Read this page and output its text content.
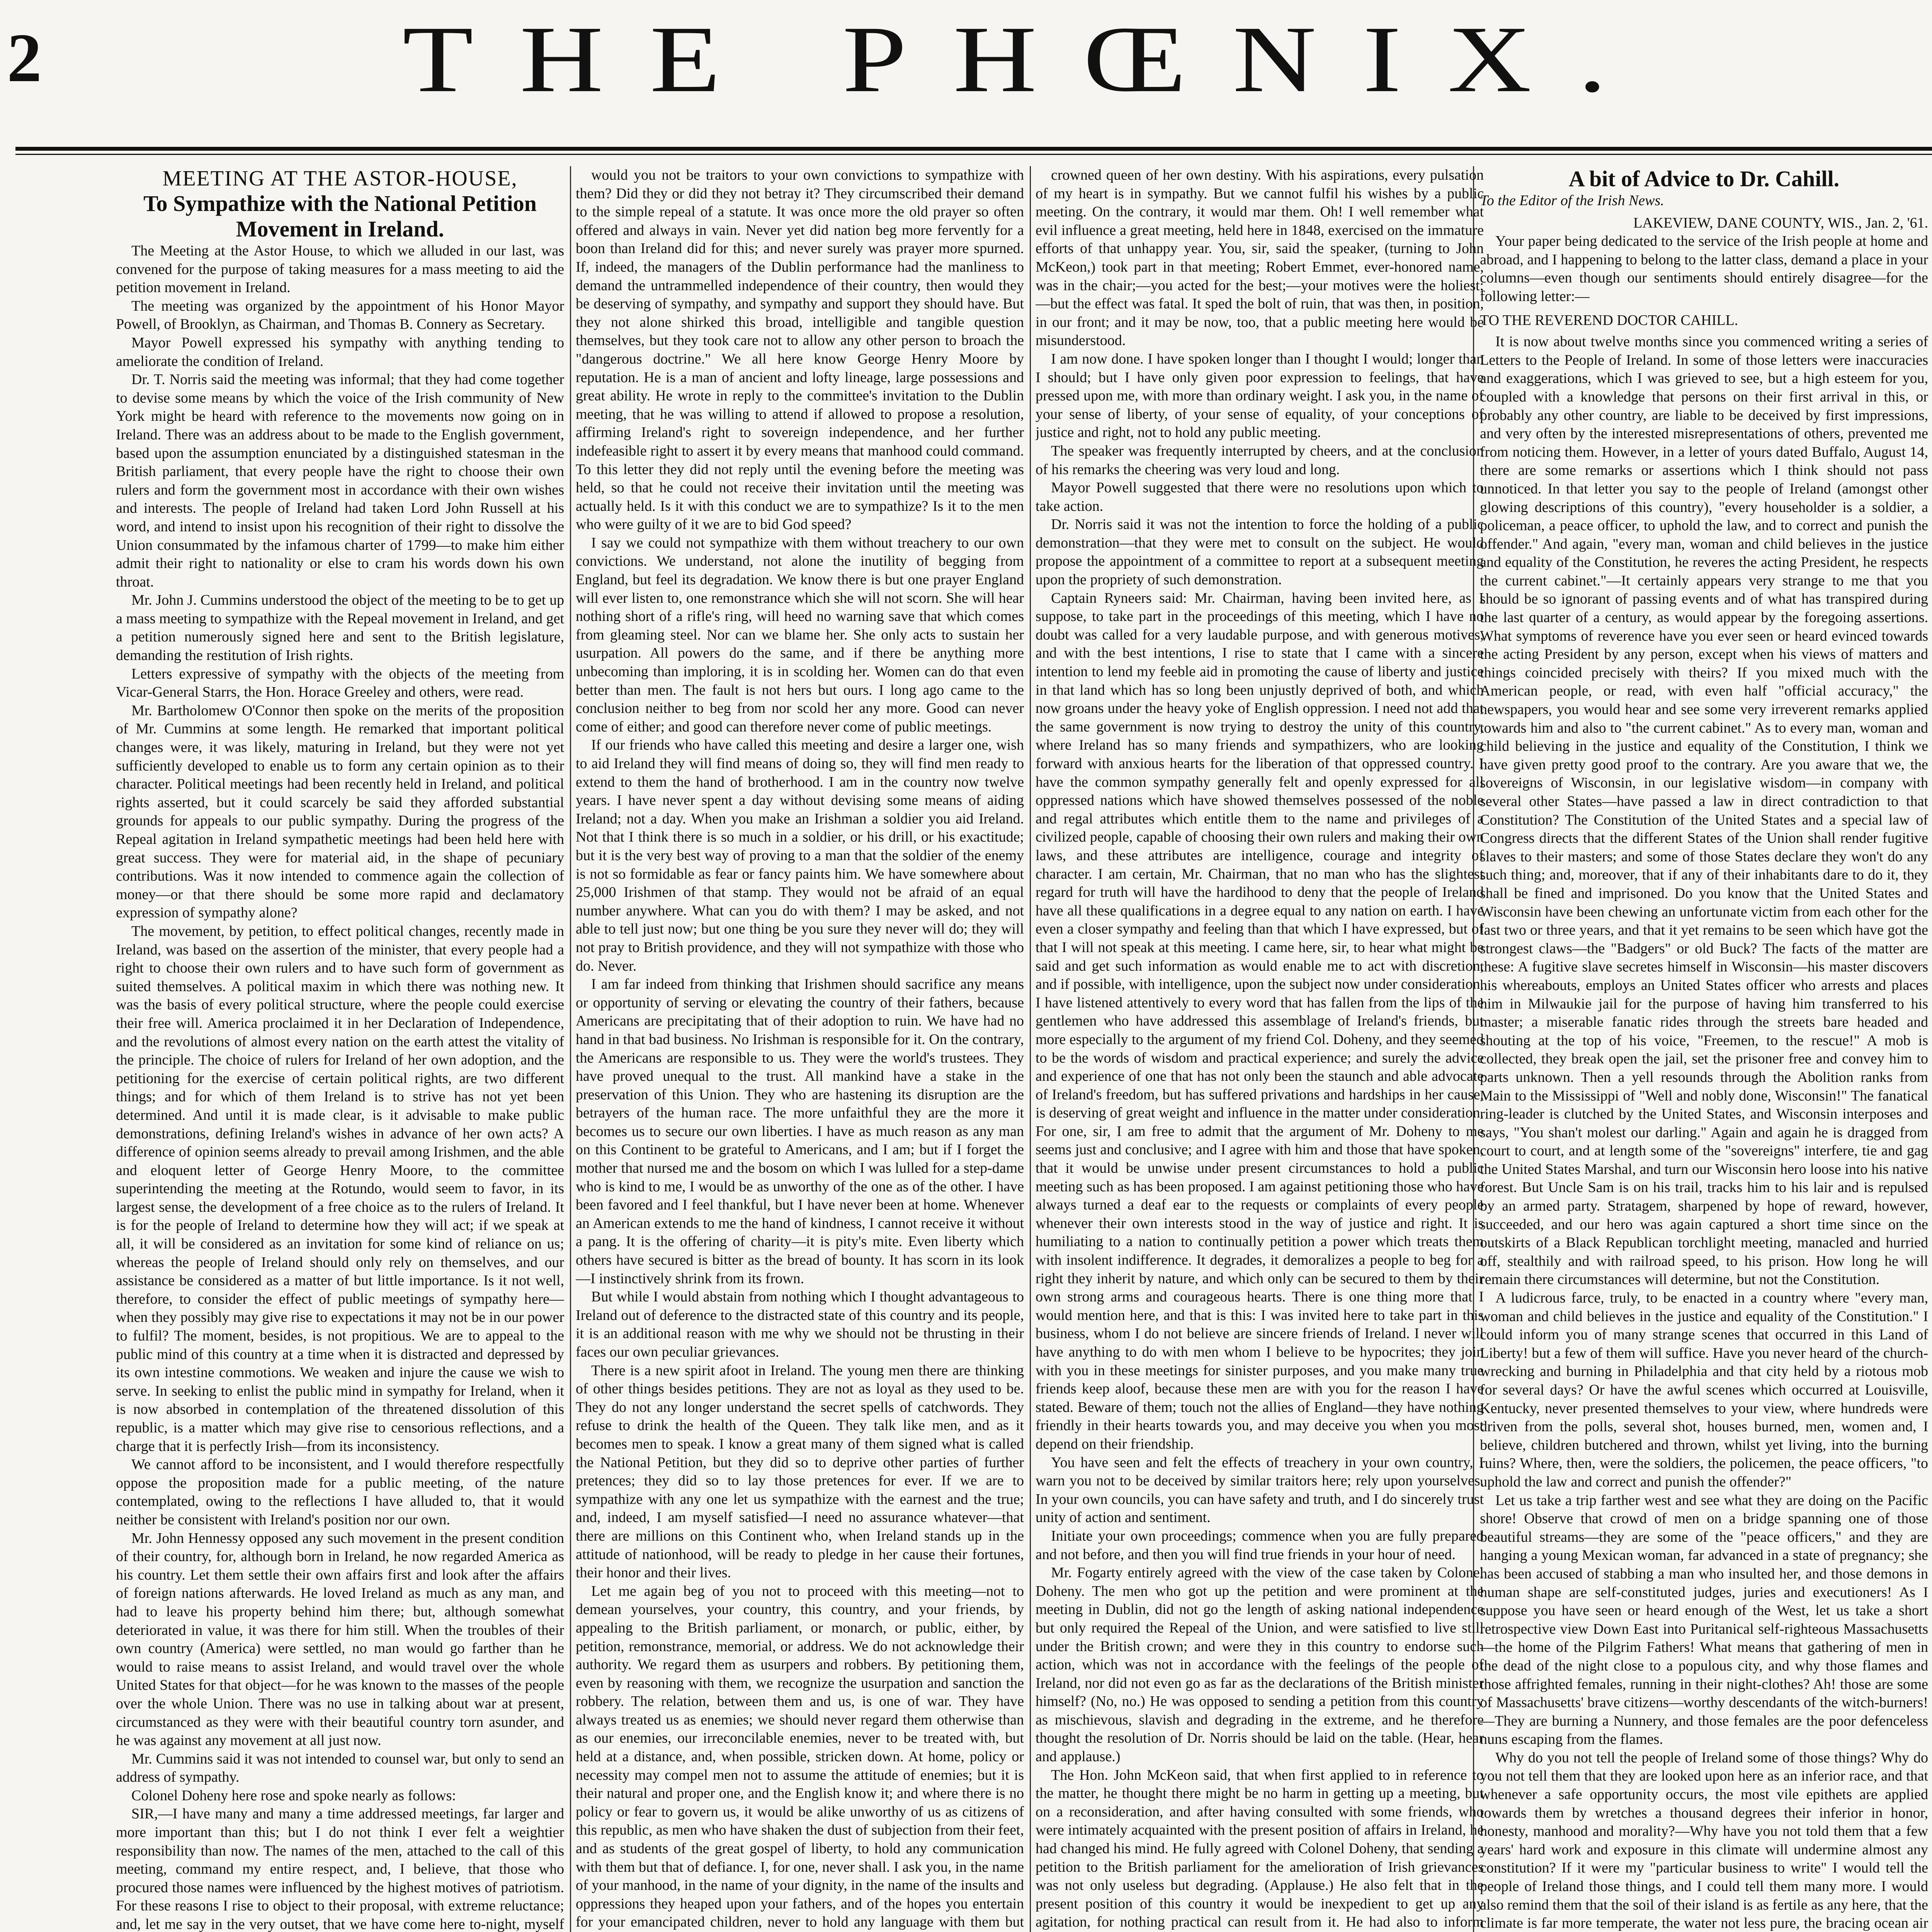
2	THE PHŒNIX.

MEETING AT THE ASTOR-HOUSE,

To Sympathize with the National Petition Movement in Ireland.

The Meeting at the Astor House, to which we alluded in our last, was convened for the purpose of taking measures for a mass meeting to aid the petition movement in Ireland.

The meeting was organized by the appointment of his Honor Mayor Powell, of Brooklyn, as Chairman, and Thomas B. Connery as Secretary.

Mayor Powell expressed his sympathy with anything tending to ameliorate the condition of Ireland.

Dr. T. Norris said the meeting was informal; that they had come together to devise some means by which the voice of the Irish community of New York might be heard with reference to the movements now going on in Ireland. There was an address about to be made to the English government, based upon the assumption enunciated by a distinguished statesman in the British parliament, that every people have the right to choose their own rulers and form the government most in accordance with their own wishes and interests. The people of Ireland had taken Lord John Russell at his word, and intend to insist upon his recognition of their right to dissolve the Union consummated by the infamous charter of 1799—to make him either admit their right to nationality or else to cram his words down his own throat.

Mr. John J. Cummins understood the object of the meeting to be to get up a mass meeting to sympathize with the Repeal movement in Ireland, and get a petition numerously signed here and sent to the British legislature, demanding the restitution of Irish rights.

Letters expressive of sympathy with the objects of the meeting from Vicar-General Starrs, the Hon. Horace Greeley and others, were read.

Mr. Bartholomew O'Connor then spoke on the merits of the proposition of Mr. Cummins at some length. He remarked that important political changes were, it was likely, maturing in Ireland, but they were not yet sufficiently developed to enable us to form any certain opinion as to their character. Political meetings had been recently held in Ireland, and political rights asserted, but it could scarcely be said they afforded substantial grounds for appeals to our public sympathy. During the progress of the Repeal agitation in Ireland sympathetic meetings had been held here with great success. They were for material aid, in the shape of pecuniary contributions. Was it now intended to commence again the collection of money—or that there should be some more rapid and declamatory expression of sympathy alone?

The movement, by petition, to effect political changes, recently made in Ireland, was based on the assertion of the minister, that every people had a right to choose their own rulers and to have such form of government as suited themselves. A political maxim in which there was nothing new. It was the basis of every political structure, where the people could exercise their free will. America proclaimed it in her Declaration of Independence, and the revolutions of almost every nation on the earth attest the vitality of the principle. The choice of rulers for Ireland of her own adoption, and the petitioning for the exercise of certain political rights, are two different things; and for which of them Ireland is to strive has not yet been determined. And until it is made clear, is it advisable to make public demonstrations, defining Ireland's wishes in advance of her own acts? A difference of opinion seems already to prevail among Irishmen, and the able and eloquent letter of George Henry Moore, to the committee superintending the meeting at the Rotundo, would seem to favor, in its largest sense, the development of a free choice as to the rulers of Ireland. It is for the people of Ireland to determine how they will act; if we speak at all, it will be considered as an invitation for some kind of reliance on us; whereas the people of Ireland should only rely on themselves, and our assistance be considered as a matter of but little importance. Is it not well, therefore, to consider the effect of public meetings of sympathy here—when they possibly may give rise to expectations it may not be in our power to fulfil? The moment, besides, is not propitious. We are to appeal to the public mind of this country at a time when it is distracted and depressed by its own intestine commotions. We weaken and injure the cause we wish to serve. In seeking to enlist the public mind in sympathy for Ireland, when it is now absorbed in contemplation of the threatened dissolution of this republic, is a matter which may give rise to censorious reflections, and a charge that it is perfectly Irish—from its inconsistency.

We cannot afford to be inconsistent, and I would therefore respectfully oppose the proposition made for a public meeting, of the nature contemplated, owing to the reflections I have alluded to, that it would neither be consistent with Ireland's position nor our own.

Mr. John Hennessy opposed any such movement in the present condition of their country, for, although born in Ireland, he now regarded America as his country. Let them settle their own affairs first and look after the affairs of foreign nations afterwards. He loved Ireland as much as any man, and had to leave his property behind him there; but, although somewhat deteriorated in value, it was there for him still. When the troubles of their own country (America) were settled, no man would go farther than he would to raise means to assist Ireland, and would travel over the whole United States for that object—for he was known to the masses of the people over the whole Union. There was no use in talking about war at present, circumstanced as they were with their beautiful country torn asunder, and he was against any movement at all just now.

Mr. Cummins said it was not intended to counsel war, but only to send an address of sympathy.

Colonel Doheny here rose and spoke nearly as follows:

SIR,—I have many and many a time addressed meetings, far larger and more important than this; but I do not think I ever felt a weightier responsibility than now. The names of the men, attached to the call of this meeting, command my entire respect, and, I believe, that those who procured those names were influenced by the highest motives of patriotism. For these reasons I rise to object to their proposal, with extreme reluctance; and, let me say in the very outset, that we have come here to-night, myself

would you not be traitors to your own convictions to sympathize with them? Did they or did they not betray it? They circumscribed their demand to the simple repeal of a statute. It was once more the old prayer so often offered and always in vain. Never yet did nation beg more fervently for a boon than Ireland did for this; and never surely was prayer more spurned. If, indeed, the managers of the Dublin performance had the manliness to demand the untrammelled independence of their country, then would they be deserving of sympathy, and sympathy and support they should have. But they not alone shirked this broad, intelligible and tangible question themselves, but they took care not to allow any other person to broach the "dangerous doctrine." We all here know George Henry Moore by reputation. He is a man of ancient and lofty lineage, large possessions and great ability. He wrote in reply to the committee's invitation to the Dublin meeting, that he was willing to attend if allowed to propose a resolution, affirming Ireland's right to sovereign independence, and her further indefeasible right to assert it by every means that manhood could command. To this letter they did not reply until the evening before the meeting was held, so that he could not receive their invitation until the meeting was actually held. Is it with this conduct we are to sympathize? Is it to the men who were guilty of it we are to bid God speed?

I say we could not sympathize with them without treachery to our own convictions. We understand, not alone the inutility of begging from England, but feel its degradation. We know there is but one prayer England will ever listen to, one remonstrance which she will not scorn. She will hear nothing short of a rifle's ring, will heed no warning save that which comes from gleaming steel. Nor can we blame her. She only acts to sustain her usurpation. All powers do the same, and if there be anything more unbecoming than imploring, it is in scolding her. Women can do that even better than men. The fault is not hers but ours. I long ago came to the conclusion neither to beg from nor scold her any more. Good can never come of either; and good can therefore never come of public meetings.

If our friends who have called this meeting and desire a larger one, wish to aid Ireland they will find means of doing so, they will find men ready to extend to them the hand of brotherhood. I am in the country now twelve years. I have never spent a day without devising some means of aiding Ireland; not a day. When you make an Irishman a soldier you aid Ireland. Not that I think there is so much in a soldier, or his drill, or his exactitude; but it is the very best way of proving to a man that the soldier of the enemy is not so formidable as fear or fancy paints him. We have somewhere about 25,000 Irishmen of that stamp. They would not be afraid of an equal number anywhere. What can you do with them? I may be asked, and not able to tell just now; but one thing be you sure they never will do; they will not pray to British providence, and they will not sympathize with those who do. Never.

I am far indeed from thinking that Irishmen should sacrifice any means or opportunity of serving or elevating the country of their fathers, because Americans are precipitating that of their adoption to ruin. We have had no hand in that bad business. No Irishman is responsible for it. On the contrary, the Americans are responsible to us. They were the world's trustees. They have proved unequal to the trust. All mankind have a stake in the preservation of this Union. They who are hastening its disruption are the betrayers of the human race. The more unfaithful they are the more it becomes us to secure our own liberties. I have as much reason as any man on this Continent to be grateful to Americans, and I am; but if I forget the mother that nursed me and the bosom on which I was lulled for a step-dame who is kind to me, I would be as unworthy of the one as of the other. I have been favored and I feel thankful, but I have never been at home. Whenever an American extends to me the hand of kindness, I cannot receive it without a pang. It is the offering of charity—it is pity's mite. Even liberty which others have secured is bitter as the bread of bounty. It has scorn in its look—I instinctively shrink from its frown.

But while I would abstain from nothing which I thought advantageous to Ireland out of deference to the distracted state of this country and its people, it is an additional reason with me why we should not be thrusting in their faces our own peculiar grievances.

There is a new spirit afoot in Ireland. The young men there are thinking of other things besides petitions. They are not as loyal as they used to be. They do not any longer understand the secret spells of catchwords. They refuse to drink the health of the Queen. They talk like men, and as it becomes men to speak. I know a great many of them signed what is called the National Petition, but they did so to deprive other parties of further pretences; they did so to lay those pretences for ever. If we are to sympathize with any one let us sympathize with the earnest and the true; and, indeed, I am myself satisfied—I need no assurance whatever—that there are millions on this Continent who, when Ireland stands up in the attitude of nationhood, will be ready to pledge in her cause their fortunes, their honor and their lives.

Let me again beg of you not to proceed with this meeting—not to demean yourselves, your country, this country, and your friends, by appealing to the British parliament, or monarch, or public, either, by petition, remonstrance, memorial, or address. We do not acknowledge their authority. We regard them as usurpers and robbers. By petitioning them, even by reasoning with them, we recognize the usurpation and sanction the robbery. The relation, between them and us, is one of war. They have always treated us as enemies; we should never regard them otherwise than as our enemies, our irreconcilable enemies, never to be treated with, but held at a distance, and, when possible, stricken down. At home, policy or necessity may compel men not to assume the attitude of enemies; but it is their natural and proper one, and the English know it; and where there is no policy or fear to govern us, it would be alike unworthy of us as citizens of this republic, as men who have shaken the dust of subjection from their feet, and as students of the great gospel of liberty, to hold any communication with them but that of defiance. I, for one, never shall. I ask you, in the name of your manhood, in the name of your dignity, in the name of the insults and oppressions they heaped upon your fathers, and of the hopes you entertain for your emancipated children, never to hold any language with them but

crowned queen of her own destiny. With his aspirations, every pulsation of my heart is in sympathy. But we cannot fulfil his wishes by a public meeting. On the contrary, it would mar them. Oh! I well remember what evil influence a great meeting, held here in 1848, exercised on the immature efforts of that unhappy year. You, sir, said the speaker, (turning to John McKeon,) took part in that meeting; Robert Emmet, ever-honored name, was in the chair;—you acted for the best;—your motives were the holiest;—but the effect was fatal. It sped the bolt of ruin, that was then, in position, in our front; and it may be now, too, that a public meeting here would be misunderstood.

I am now done. I have spoken longer than I thought I would; longer than I should; but I have only given poor expression to feelings, that have pressed upon me, with more than ordinary weight. I ask you, in the name of your sense of liberty, of your sense of equality, of your conceptions of justice and right, not to hold any public meeting.

The speaker was frequently interrupted by cheers, and at the conclusion of his remarks the cheering was very loud and long.

Mayor Powell suggested that there were no resolutions upon which to take action.

Dr. Norris said it was not the intention to force the holding of a public demonstration—that they were met to consult on the subject. He would propose the appointment of a committee to report at a subsequent meeting upon the propriety of such demonstration.

Captain Ryneers said: Mr. Chairman, having been invited here, as I suppose, to take part in the proceedings of this meeting, which I have no doubt was called for a very laudable purpose, and with generous motives, and with the best intentions, I rise to state that I came with a sincere intention to lend my feeble aid in promoting the cause of liberty and justice in that land which has so long been unjustly deprived of both, and which now groans under the heavy yoke of English oppression. I need not add that the same government is now trying to destroy the unity of this country, where Ireland has so many friends and sympathizers, who are looking forward with anxious hearts for the liberation of that oppressed country. I have the common sympathy generally felt and openly expressed for all oppressed nations which have showed themselves possessed of the noble and regal attributes which entitle them to the name and privileges of a civilized people, capable of choosing their own rulers and making their own laws, and these attributes are intelligence, courage and integrity of character. I am certain, Mr. Chairman, that no man who has the slightest regard for truth will have the hardihood to deny that the people of Ireland have all these qualifications in a degree equal to any nation on earth. I have even a closer sympathy and feeling than that which I have expressed, but of that I will not speak at this meeting. I came here, sir, to hear what might be said and get such information as would enable me to act with discretion, and if possible, with intelligence, upon the subject now under consideration. I have listened attentively to every word that has fallen from the lips of the gentlemen who have addressed this assemblage of Ireland's friends, but more especially to the argument of my friend Col. Doheny, and they seemed to be the words of wisdom and practical experience; and surely the advice and experience of one that has not only been the staunch and able advocate of Ireland's freedom, but has suffered privations and hardships in her cause, is deserving of great weight and influence in the matter under consideration. For one, sir, I am free to admit that the argument of Mr. Doheny to me seems just and conclusive; and I agree with him and those that have spoken, that it would be unwise under present circumstances to hold a public meeting such as has been proposed. I am against petitioning those who have always turned a deaf ear to the requests or complaints of every people whenever their own interests stood in the way of justice and right. It is humiliating to a nation to continually petition a power which treats them with insolent indifference. It degrades, it demoralizes a people to beg for a right they inherit by nature, and which only can be secured to them by their own strong arms and courageous hearts. There is one thing more that I would mention here, and that is this: I was invited here to take part in this business, whom I do not believe are sincere friends of Ireland. I never will have anything to do with men whom I believe to be hypocrites; they join with you in these meetings for sinister purposes, and you make many true friends keep aloof, because these men are with you for the reason I have stated. Beware of them; touch not the allies of England—they have nothing friendly in their hearts towards you, and may deceive you when you most depend on their friendship.

You have seen and felt the effects of treachery in your own country, I warn you not to be deceived by similar traitors here; rely upon yourselves. In your own councils, you can have safety and truth, and I do sincerely trust unity of action and sentiment.

Initiate your own proceedings; commence when you are fully prepared and not before, and then you will find true friends in your hour of need.

Mr. Fogarty entirely agreed with the view of the case taken by Colonel Doheny. The men who got up the petition and were prominent at the meeting in Dublin, did not go the length of asking national independence but only required the Repeal of the Union, and were satisfied to live still under the British crown; and were they in this country to endorse such action, which was not in accordance with the feelings of the people of Ireland, nor did not even go as far as the declarations of the British minister himself? (No, no.) He was opposed to sending a petition from this country as mischievous, slavish and degrading in the extreme, and he therefore thought the resolution of Dr. Norris should be laid on the table. (Hear, hear and applause.)

The Hon. John McKeon said, that when first applied to in reference to the matter, he thought there might be no harm in getting up a meeting, but on a reconsideration, and after having consulted with some friends, who were intimately acquainted with the present position of affairs in Ireland, he had changed his mind. He fully agreed with Colonel Doheny, that sending a petition to the British parliament for the amelioration of Irish grievances was not only useless but degrading. (Applause.) He also felt that in the present position of this country it would be inexpedient to get up any agitation, for nothing practical can result from it. He had also to inform

A bit of Advice to Dr. Cahill.

To the Editor of the Irish News.

LAKEVIEW, DANE COUNTY, WIS., Jan. 2, '61.

Your paper being dedicated to the service of the Irish people at home and abroad, and I happening to belong to the latter class, demand a place in your columns—even though our sentiments should entirely disagree—for the following letter:—

TO THE REVEREND DOCTOR CAHILL.

It is now about twelve months since you commenced writing a series of Letters to the People of Ireland. In some of those letters were inaccuracies and exaggerations, which I was grieved to see, but a high esteem for you, coupled with a knowledge that persons on their first arrival in this, or probably any other country, are liable to be deceived by first impressions, and very often by the interested misrepresentations of others, prevented me from noticing them. However, in a letter of yours dated Buffalo, August 14, there are some remarks or assertions which I think should not pass unnoticed. In that letter you say to the people of Ireland (amongst other glowing descriptions of this country), "every householder is a soldier, a policeman, a peace officer, to uphold the law, and to correct and punish the offender." And again, "every man, woman and child believes in the justice and equality of the Constitution, he reveres the acting President, he respects the current cabinet."—It certainly appears very strange to me that you should be so ignorant of passing events and of what has transpired during the last quarter of a century, as would appear by the foregoing assertions. What symptoms of reverence have you ever seen or heard evinced towards the acting President by any person, except when his views of matters and things coincided precisely with theirs? If you mixed much with the American people, or read, with even half "official accuracy," the newspapers, you would hear and see some very irreverent remarks applied towards him and also to "the current cabinet." As to every man, woman and child believing in the justice and equality of the Constitution, I think we have given pretty good proof to the contrary. Are you aware that we, the sovereigns of Wisconsin, in our legislative wisdom—in company with several other States—have passed a law in direct contradiction to that Constitution? The Constitution of the United States and a special law of Congress directs that the different States of the Union shall render fugitive slaves to their masters; and some of those States declare they won't do any such thing; and, moreover, that if any of their inhabitants dare to do it, they shall be fined and imprisoned. Do you know that the United States and Wisconsin have been chewing an unfortunate victim from each other for the last two or three years, and that it yet remains to be seen which have got the strongest claws—the "Badgers" or old Buck? The facts of the matter are these: A fugitive slave secretes himself in Wisconsin—his master discovers his whereabouts, employs an United States officer who arrests and places him in Milwaukie jail for the purpose of having him transferred to his master; a miserable fanatic rides through the streets bare headed and shouting at the top of his voice, "Freemen, to the rescue!" A mob is collected, they break open the jail, set the prisoner free and convey him to parts unknown. Then a yell resounds through the Abolition ranks from Main to the Mississippi of "Well and nobly done, Wisconsin!" The fanatical ring-leader is clutched by the United States, and Wisconsin interposes and says, "You shan't molest our darling." Again and again he is dragged from court to court, and at length some of the "sovereigns" interfere, tie and gag the United States Marshal, and turn our Wisconsin hero loose into his native forest. But Uncle Sam is on his trail, tracks him to his lair and is repulsed by an armed party. Stratagem, sharpened by hope of reward, however, succeeded, and our hero was again captured a short time since on the outskirts of a Black Republican torchlight meeting, manacled and hurried off, stealthily and with railroad speed, to his prison. How long he will remain there circumstances will determine, but not the Constitution.

A ludicrous farce, truly, to be enacted in a country where "every man, woman and child believes in the justice and equality of the Constitution." I could inform you of many strange scenes that occurred in this Land of Liberty! but a few of them will suffice. Have you never heard of the church-wrecking and burning in Philadelphia and that city held by a riotous mob for several days? Or have the awful scenes which occurred at Louisville, Kentucky, never presented themselves to your view, where hundreds were driven from the polls, several shot, houses burned, men, women and, I believe, children butchered and thrown, whilst yet living, into the burning ruins? Where, then, were the soldiers, the policemen, the peace officers, "to uphold the law and correct and punish the offender?"

Let us take a trip farther west and see what they are doing on the Pacific shore! Observe that crowd of men on a bridge spanning one of those beautiful streams—they are some of the "peace officers," and they are hanging a young Mexican woman, far advanced in a state of pregnancy; she has been accused of stabbing a man who insulted her, and those demons in human shape are self-constituted judges, juries and executioners! As I suppose you have seen or heard enough of the West, let us take a short retrospective view Down East into Puritanical self-righteous Massachusetts—the home of the Pilgrim Fathers! What means that gathering of men in the dead of the night close to a populous city, and why those flames and those affrighted females, running in their night-clothes? Ah! those are some of Massachusetts' brave citizens—worthy descendants of the witch-burners!—They are burning a Nunnery, and those females are the poor defenceless nuns escaping from the flames.

Why do you not tell the people of Ireland some of those things? Why do you not tell them that they are looked upon here as an inferior race, and that whenever a safe opportunity occurs, the most vile epithets are applied towards them by wretches a thousand degrees their inferior in honor, honesty, manhood and morality?—Why have you not told them that a few years' hard work and exposure in this climate will undermine almost any constitution? If it were my "particular business to write" I would tell the people of Ireland those things, and I could tell them many more. I would also remind them that the soil of their island is as fertile as any here, that the climate is far more temperate, the water not less pure, the bracing ocean air
